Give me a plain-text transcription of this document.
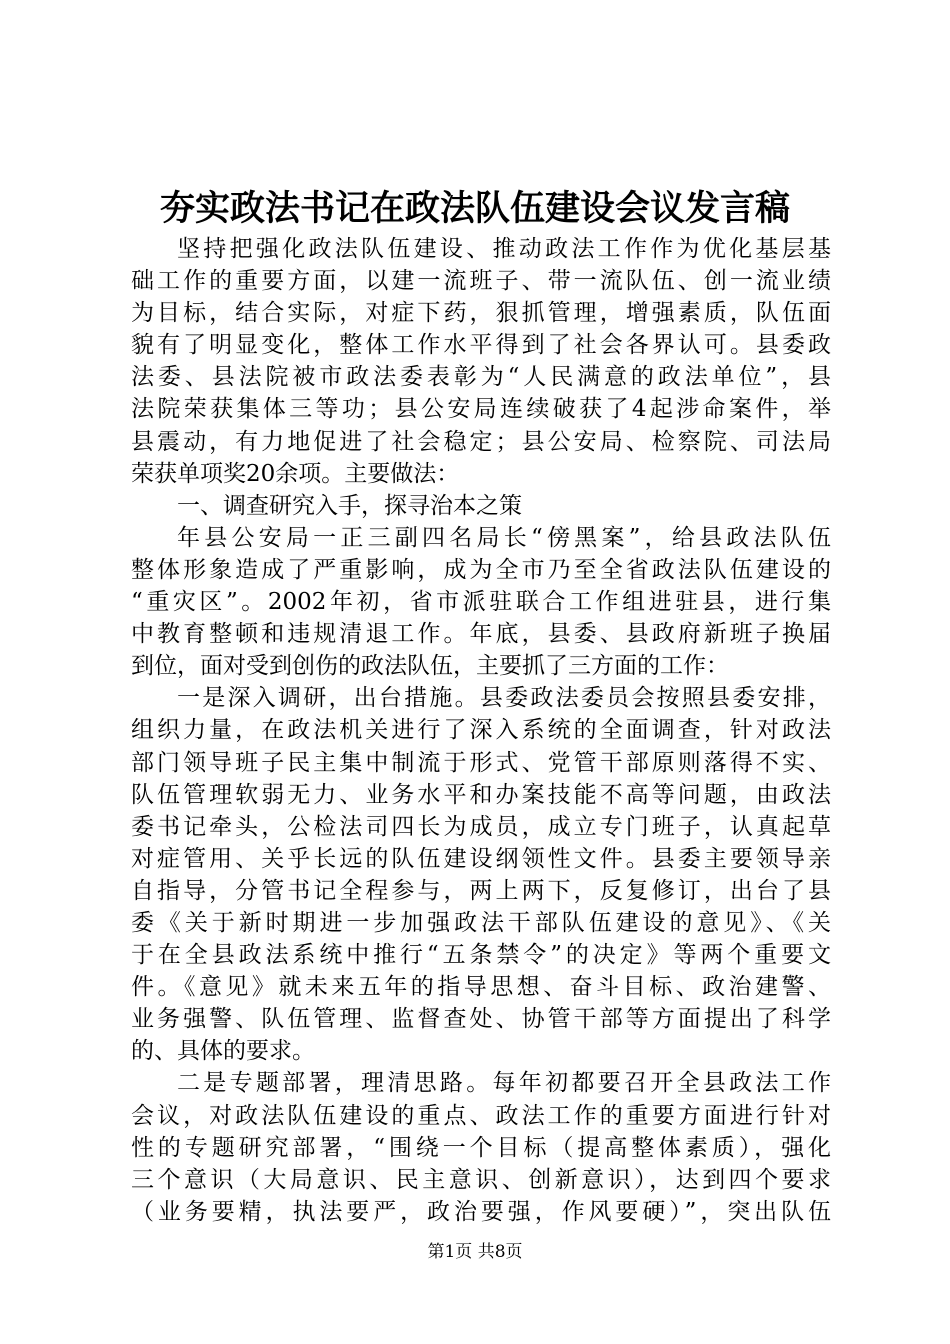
夯实政法书记在政法队伍建设会议发言稿
坚持把强化政法队伍建设、推动政法工作作为优化基层基
础工作的重要方面，以建一流班子、带一流队伍、创一流业绩
为目标，结合实际，对症下药，狠抓管理，增强素质，队伍面
貌有了明显变化，整体工作水平得到了社会各界认可。县委政
法委、县法院被市政法委表彰为“人民满意的政法单位”，县
法院荣获集体三等功；县公安局连续破获了4起涉命案件，举
县震动，有力地促进了社会稳定；县公安局、检察院、司法局
荣获单项奖20余项。主要做法：
一、调查研究入手，探寻治本之策
年县公安局一正三副四名局长“傍黑案”，给县政法队伍
整体形象造成了严重影响，成为全市乃至全省政法队伍建设的
“重灾区”。2002年初，省市派驻联合工作组进驻县，进行集
中教育整顿和违规清退工作。年底，县委、县政府新班子换届
到位，面对受到创伤的政法队伍，主要抓了三方面的工作：
一是深入调研，出台措施。县委政法委员会按照县委安排，
组织力量，在政法机关进行了深入系统的全面调查，针对政法
部门领导班子民主集中制流于形式、党管干部原则落得不实、
队伍管理软弱无力、业务水平和办案技能不高等问题，由政法
委书记牵头，公检法司四长为成员，成立专门班子，认真起草
对症管用、关乎长远的队伍建设纲领性文件。县委主要领导亲
自指导，分管书记全程参与，两上两下，反复修订，出台了县
委《关于新时期进一步加强政法干部队伍建设的意见》、《关
于在全县政法系统中推行“五条禁令”的决定》等两个重要文
件。《意见》就未来五年的指导思想、奋斗目标、政治建警、
业务强警、队伍管理、监督查处、协管干部等方面提出了科学
的、具体的要求。
二是专题部署，理清思路。每年初都要召开全县政法工作
会议，对政法队伍建设的重点、政法工作的重要方面进行针对
性的专题研究部署，“围绕一个目标（提高整体素质），强化
三个意识（大局意识、民主意识、创新意识），达到四个要求
（业务要精，执法要严，政治要强，作风要硬）”，突出队伍
第1页 共8页
